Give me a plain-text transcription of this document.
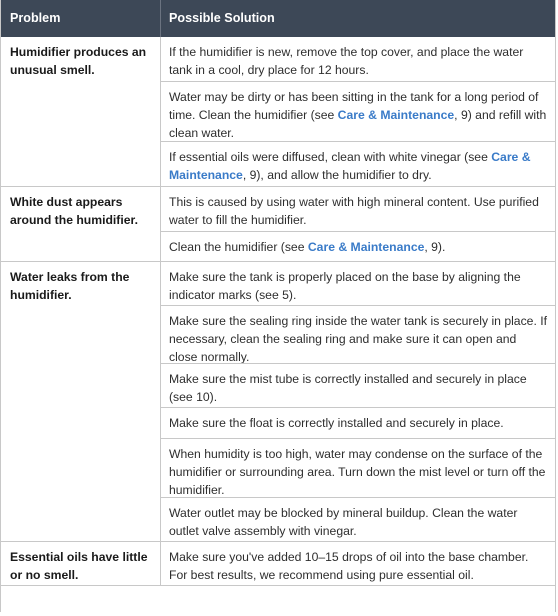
Problem	Possible Solution
Humidifier produces an unusual smell.
If the humidifier is new, remove the top cover, and place the water tank in a cool, dry place for 12 hours.
Water may be dirty or has been sitting in the tank for a long period of time. Clean the humidifier (see Care & Maintenance, 9) and refill with clean water.
If essential oils were diffused, clean with white vinegar (see Care & Maintenance, 9), and allow the humidifier to dry.
White dust appears around the humidifier.
This is caused by using water with high mineral content. Use purified water to fill the humidifier.
Clean the humidifier (see Care & Maintenance, 9).
Water leaks from the humidifier.
Make sure the tank is properly placed on the base by aligning the indicator marks (see 5).
Make sure the sealing ring inside the water tank is securely in place. If necessary, clean the sealing ring and make sure it can open and close normally.
Make sure the mist tube is correctly installed and securely in place (see 10).
Make sure the float is correctly installed and securely in place.
When humidity is too high, water may condense on the surface of the humidifier or surrounding area. Turn down the mist level or turn off the humidifier.
Water outlet may be blocked by mineral buildup. Clean the water outlet valve assembly with vinegar.
Essential oils have little or no smell.
Make sure you've added 10–15 drops of oil into the base chamber. For best results, we recommend using pure essential oil.
